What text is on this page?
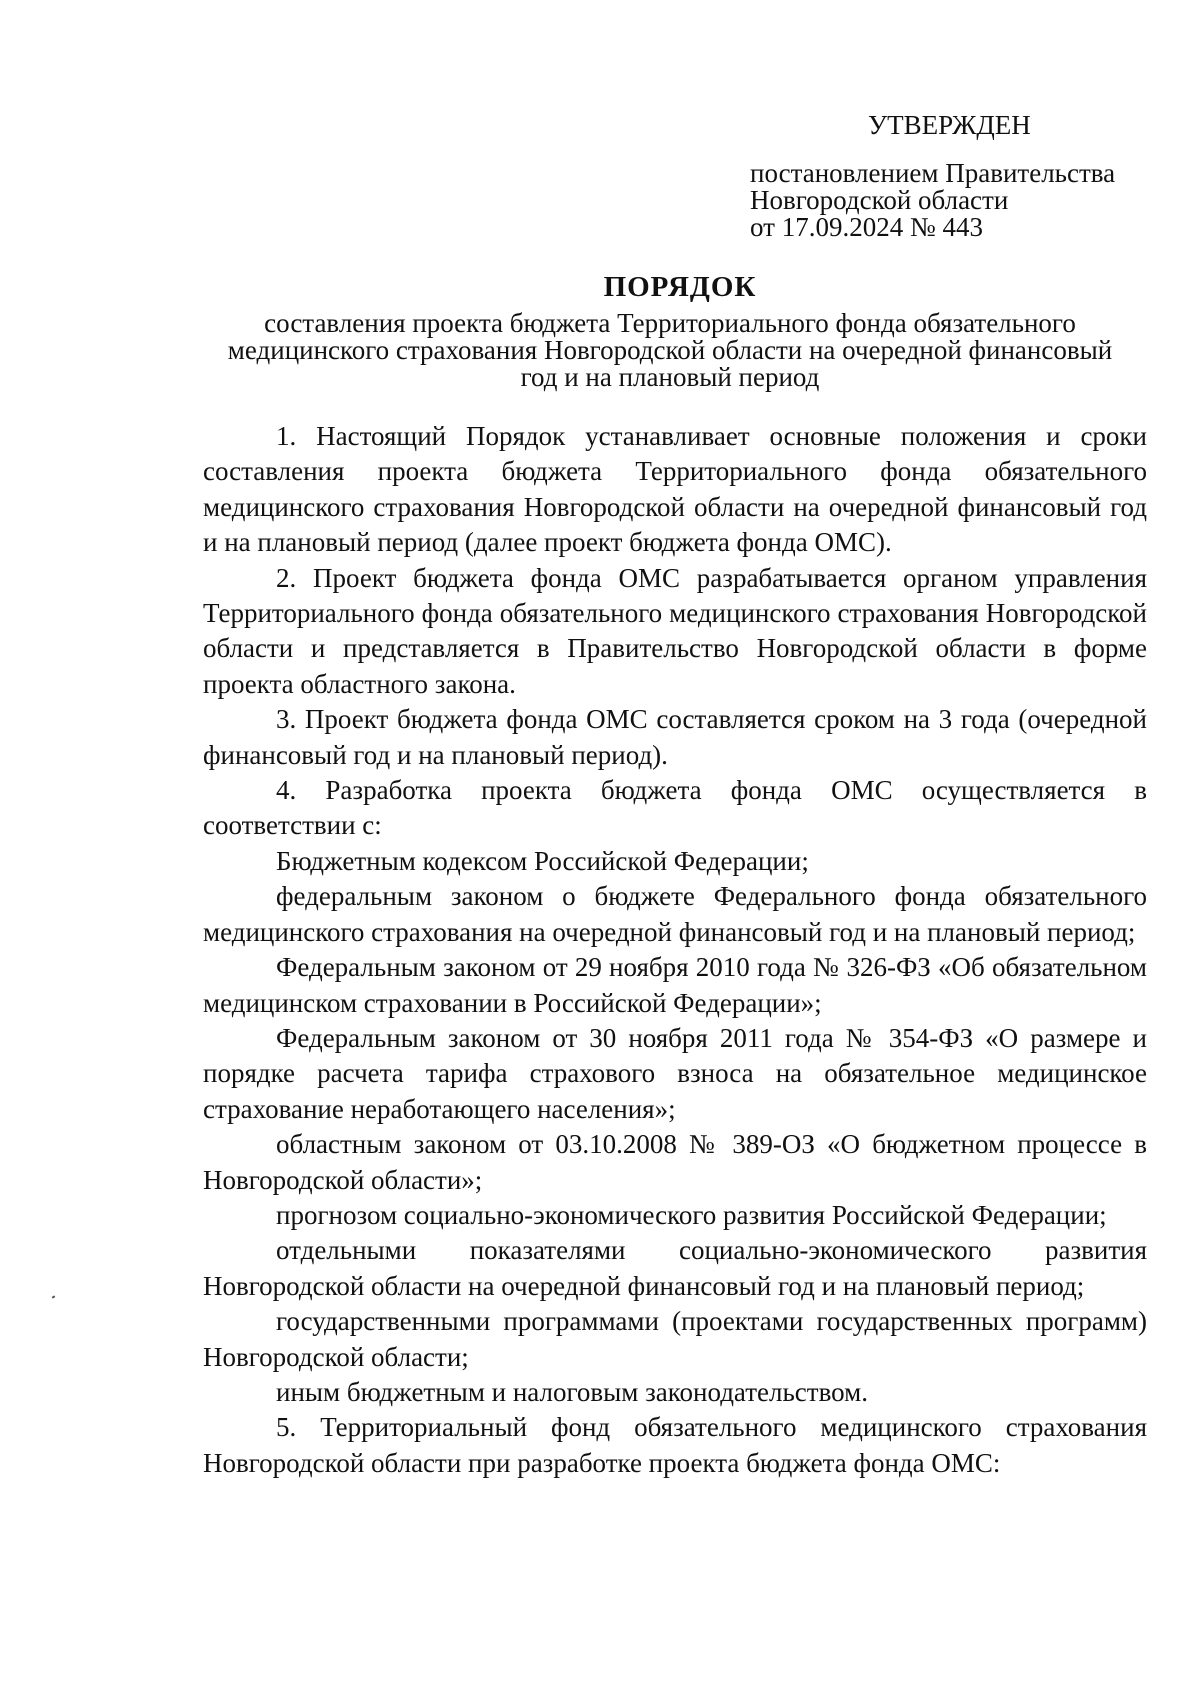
УТВЕРЖДЕН
постановлением Правительства
Новгородской области
от 17.09.2024 № 443
ПОРЯДОК
составления проекта бюджета Территориального фонда обязательного
медицинского страхования Новгородской области на очередной финансовый
год и на плановый период

1. Настоящий Порядок устанавливает основные положения и сроки составления проекта бюджета Территориального фонда обязательного медицинского страхования Новгородской области на очередной финансовый год и на плановый период (далее проект бюджета фонда ОМС).

2. Проект бюджета фонда ОМС разрабатывается органом управления Территориального фонда обязательного медицинского страхования Новгородской области и представляется в Правительство Новгородской области в форме проекта областного закона.

3. Проект бюджета фонда ОМС составляется сроком на 3 года (очередной финансовый год и на плановый период).

4. Разработка проекта бюджета фонда ОМС осуществляется в соответствии с:

Бюджетным кодексом Российской Федерации;

федеральным законом о бюджете Федерального фонда обязательного медицинского страхования на очередной финансовый год и на плановый период;

Федеральным законом от 29 ноября 2010 года № 326-ФЗ «Об обязательном медицинском страховании в Российской Федерации»;

Федеральным законом от 30 ноября 2011 года № 354-ФЗ «О размере и порядке расчета тарифа страхового взноса на обязательное медицинское страхование неработающего населения»;

областным законом от 03.10.2008 № 389-ОЗ «О бюджетном процессе в Новгородской области»;

прогнозом социально-экономического развития Российской Федерации;

отдельными показателями социально-экономического развития Новгородской области на очередной финансовый год и на плановый период;

государственными программами (проектами государственных программ) Новгородской области;

иным бюджетным и налоговым законодательством.

5. Территориальный фонд обязательного медицинского страхования Новгородской области при разработке проекта бюджета фонда ОМС:
